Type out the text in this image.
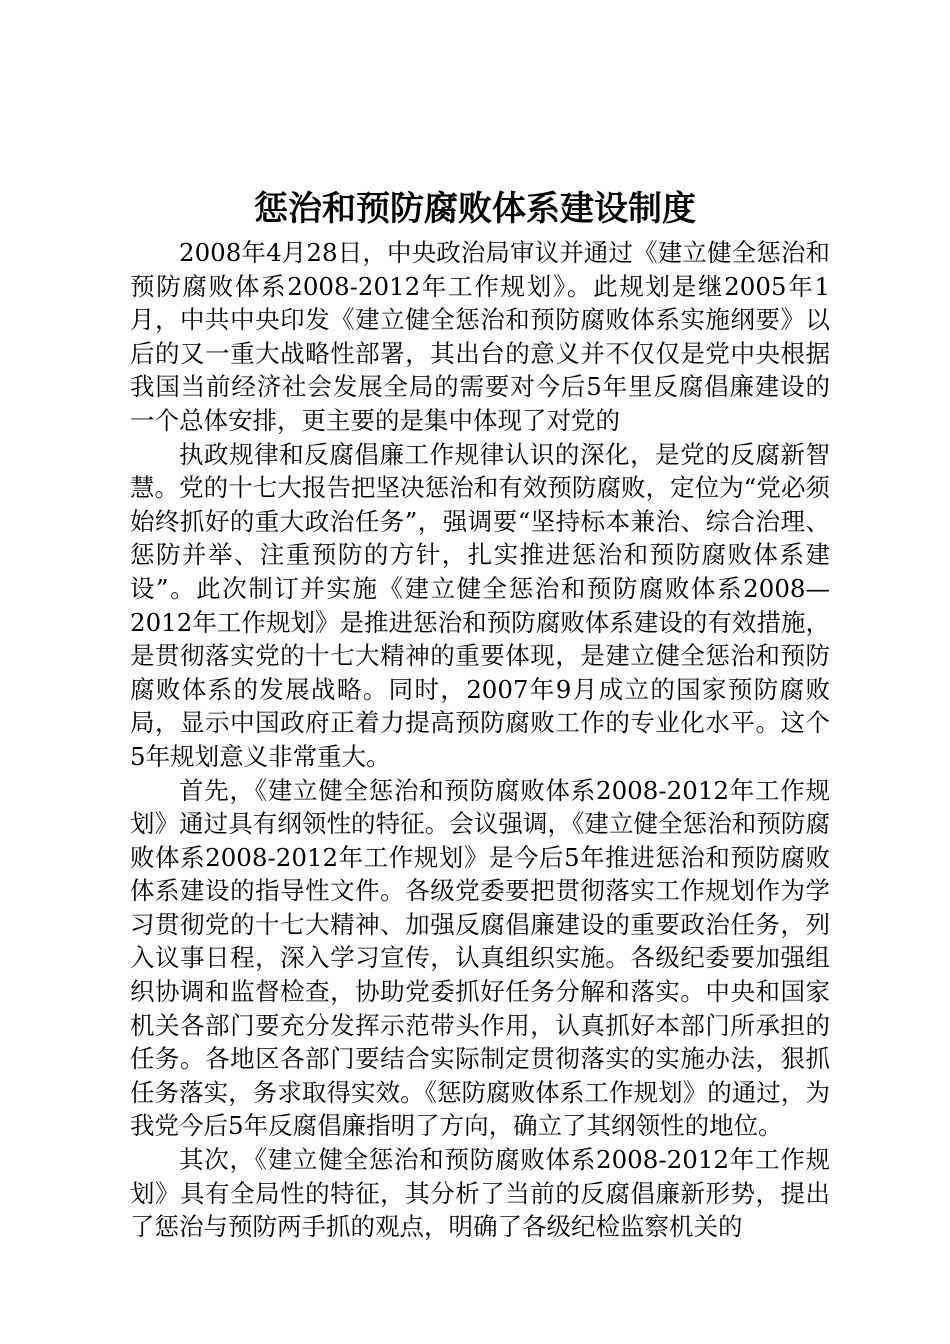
惩治和预防腐败体系建设制度

2008年4月28日，中央政治局审议并通过《建立健全惩治和预防腐败体系2008-2012年工作规划》。此规划是继2005年1月，中共中央印发《建立健全惩治和预防腐败体系实施纲要》以后的又一重大战略性部署，其出台的意义并不仅仅是党中央根据我国当前经济社会发展全局的需要对今后5年里反腐倡廉建设的一个总体安排，更主要的是集中体现了对党的

执政规律和反腐倡廉工作规律认识的深化，是党的反腐新智慧。党的十七大报告把坚决惩治和有效预防腐败，定位为“党必须始终抓好的重大政治任务”，强调要“坚持标本兼治、综合治理、惩防并举、注重预防的方针，扎实推进惩治和预防腐败体系建设”。此次制订并实施《建立健全惩治和预防腐败体系2008—2012年工作规划》是推进惩治和预防腐败体系建设的有效措施，是贯彻落实党的十七大精神的重要体现，是建立健全惩治和预防腐败体系的发展战略。同时，2007年9月成立的国家预防腐败局，显示中国政府正着力提高预防腐败工作的专业化水平。这个5年规划意义非常重大。

首先，《建立健全惩治和预防腐败体系2008-2012年工作规划》通过具有纲领性的特征。会议强调，《建立健全惩治和预防腐败体系2008-2012年工作规划》是今后5年推进惩治和预防腐败体系建设的指导性文件。各级党委要把贯彻落实工作规划作为学习贯彻党的十七大精神、加强反腐倡廉建设的重要政治任务，列入议事日程，深入学习宣传，认真组织实施。各级纪委要加强组织协调和监督检查，协助党委抓好任务分解和落实。中央和国家机关各部门要充分发挥示范带头作用，认真抓好本部门所承担的任务。各地区各部门要结合实际制定贯彻落实的实施办法，狠抓任务落实，务求取得实效。《惩防腐败体系工作规划》的通过，为我党今后5年反腐倡廉指明了方向，确立了其纲领性的地位。

其次，《建立健全惩治和预防腐败体系2008-2012年工作规划》具有全局性的特征，其分析了当前的反腐倡廉新形势，提出了惩治与预防两手抓的观点，明确了各级纪检监察机关的
